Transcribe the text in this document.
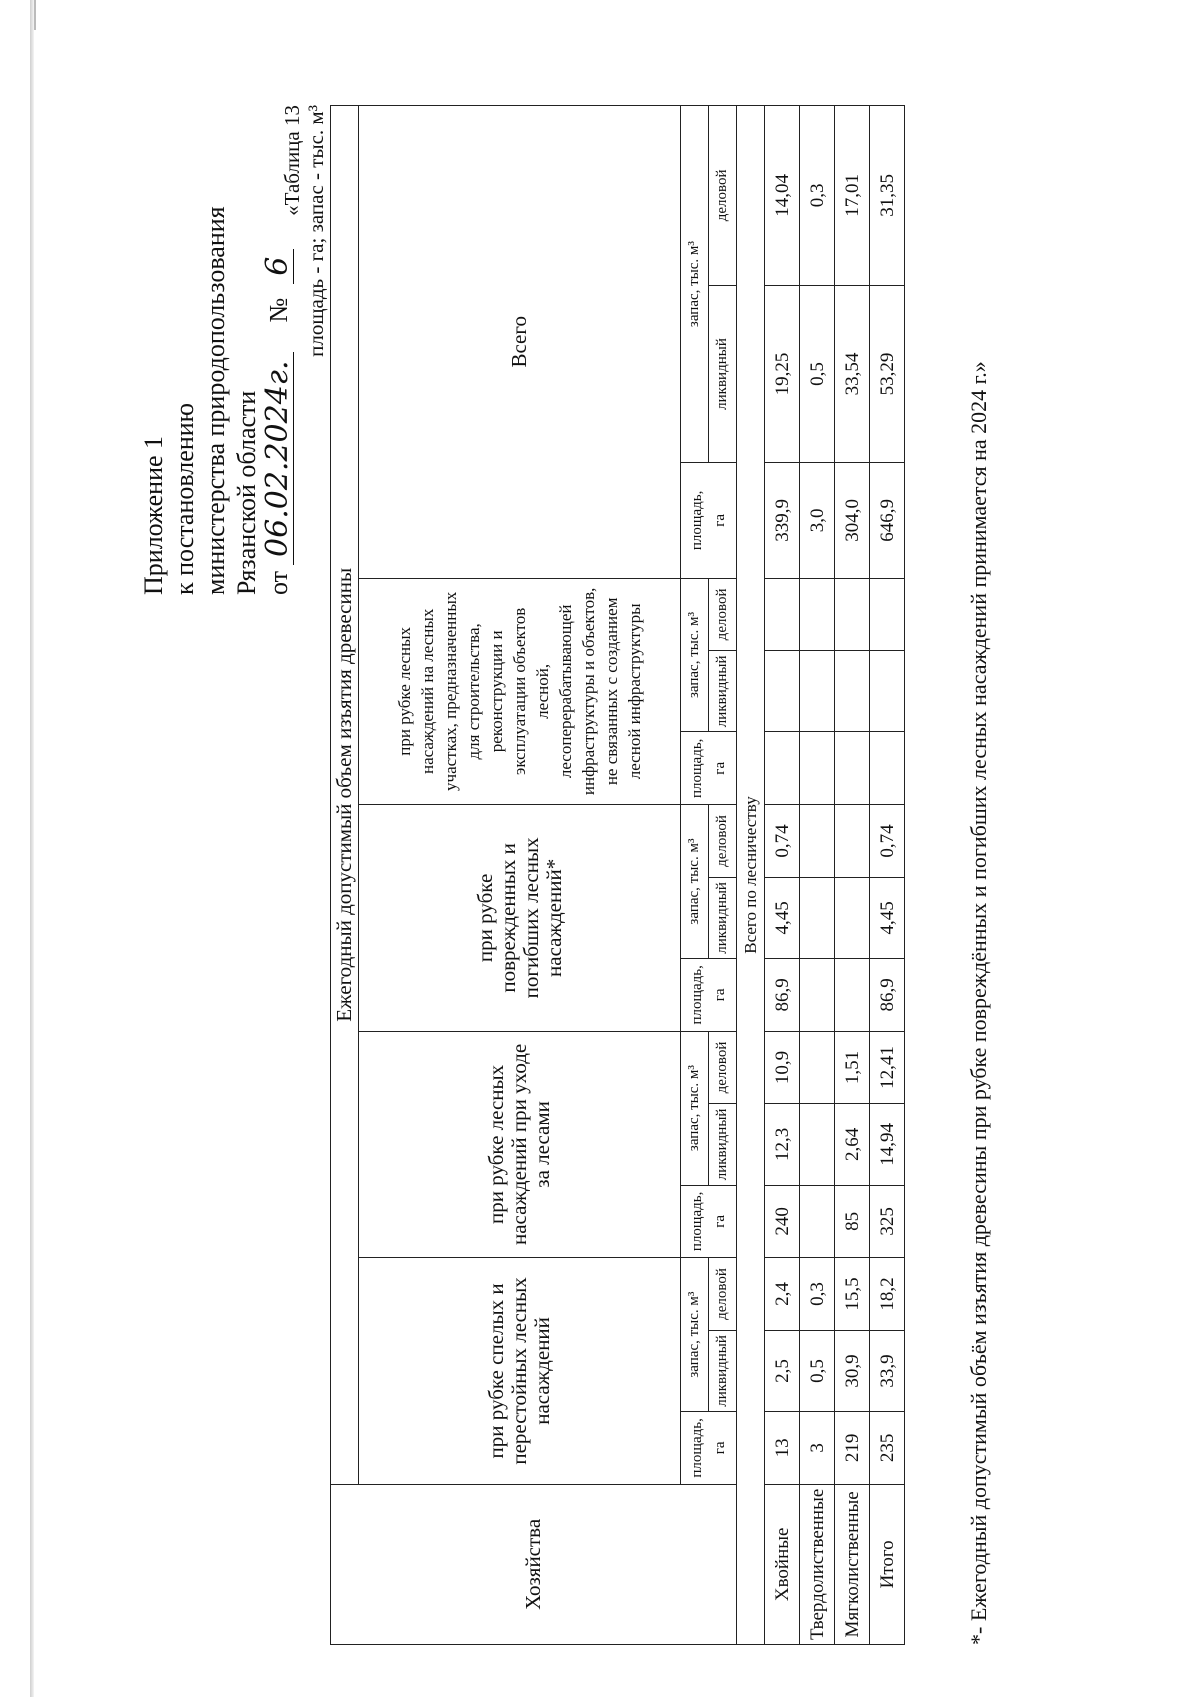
Приложение 1 к постановлению министерства природопользования Рязанской области от
06.02.2024г.
№
6
«Таблица 13 площадь - га; запас - тыс. м³
Хозяйства	Ежегодный допустимый объем изъятия древесины														
	при рубке спелых и перестойных лесных насаждений			при рубке лесных насаждений при уходе за лесами			при рубке поврежденных и погибших лесных насаждений*			при рубке лесных насаждений на лесных участках, предназначенных для строительства, реконструкции и эксплуатации объектов лесной, лесоперерабатывающей инфраструктуры и объектов, не связанных с созданием лесной инфраструктуры			Всего		
	площадь, га	запас, тыс. м³		площадь, га	запас, тыс. м³		площадь, га	запас, тыс. м³		площадь, га	запас, тыс. м³		площадь, га	запас, тыс. м³	
		ликвидный	деловой		ликвидный	деловой		ликвидный	деловой		ликвидный	деловой		ликвидный	деловой
Всего по лесничеству															
Хвойные	13	2,5	2,4	240	12,3	10,9	86,9	4,45	0,74				339,9	19,25	14,04
Твердолиственные	3	0,5	0,3										3,0	0,5	0,3
Мягколиственные	219	30,9	15,5	85	2,64	1,51							304,0	33,54	17,01
Итого	235	33,9	18,2	325	14,94	12,41	86,9	4,45	0,74				646,9	53,29	31,35
*- Ежегодный допустимый объём изъятия древесины при рубке повреждённых и погибших лесных насаждений принимается на 2024 г.»
